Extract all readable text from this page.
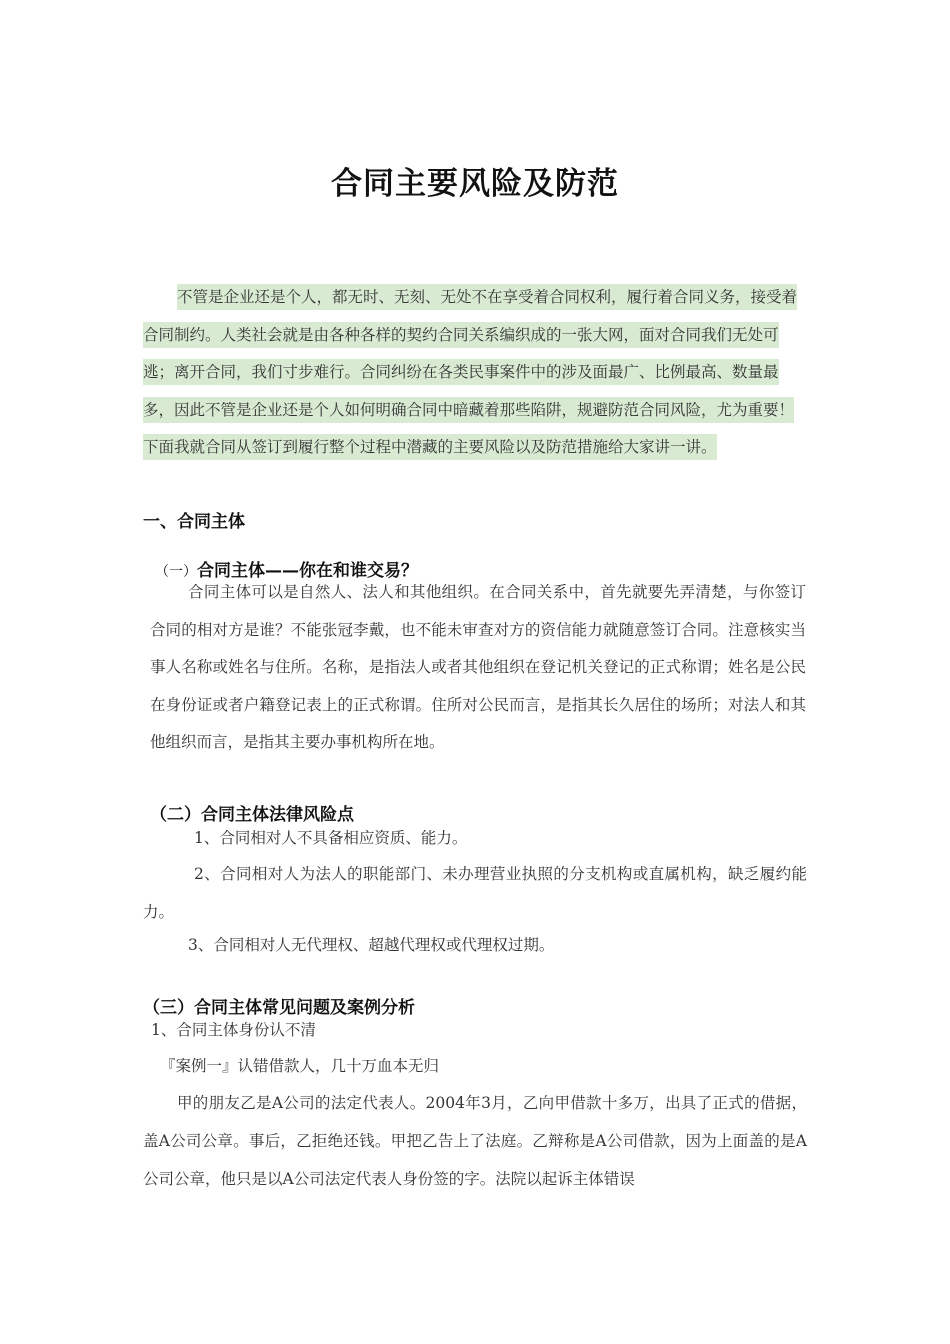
合同主要风险及防范
不管是企业还是个人，都无时、无刻、无处不在享受着合同权利，履行着合同义务，接受着合同制约。人类社会就是由各种各样的契约合同关系编织成的一张大网，面对合同我们无处可逃；离开合同，我们寸步难行。合同纠纷在各类民事案件中的涉及面最广、比例最高、数量最多，因此不管是企业还是个人如何明确合同中暗藏着那些陷阱，规避防范合同风险，尤为重要！下面我就合同从签订到履行整个过程中潜藏的主要风险以及防范措施给大家讲一讲。
一、合同主体
（一）合同主体——你在和谁交易？
合同主体可以是自然人、法人和其他组织。在合同关系中，首先就要先弄清楚，与你签订合同的相对方是谁？不能张冠李戴，也不能未审查对方的资信能力就随意签订合同。注意核实当事人名称或姓名与住所。名称，是指法人或者其他组织在登记机关登记的正式称谓；姓名是公民在身份证或者户籍登记表上的正式称谓。住所对公民而言，是指其长久居住的场所；对法人和其他组织而言，是指其主要办事机构所在地。
（二）合同主体法律风险点
1、合同相对人不具备相应资质、能力。
2、合同相对人为法人的职能部门、未办理营业执照的分支机构或直属机构，缺乏履约能力。
3、合同相对人无代理权、超越代理权或代理权过期。
（三）合同主体常见问题及案例分析
1、合同主体身份认不清
『案例一』认错借款人，几十万血本无归
甲的朋友乙是A公司的法定代表人。2004年3月，乙向甲借款十多万，出具了正式的借据，盖A公司公章。事后，乙拒绝还钱。甲把乙告上了法庭。乙辩称是A公司借款，因为上面盖的是A公司公章，他只是以A公司法定代表人身份签的字。法院以起诉主体错误
